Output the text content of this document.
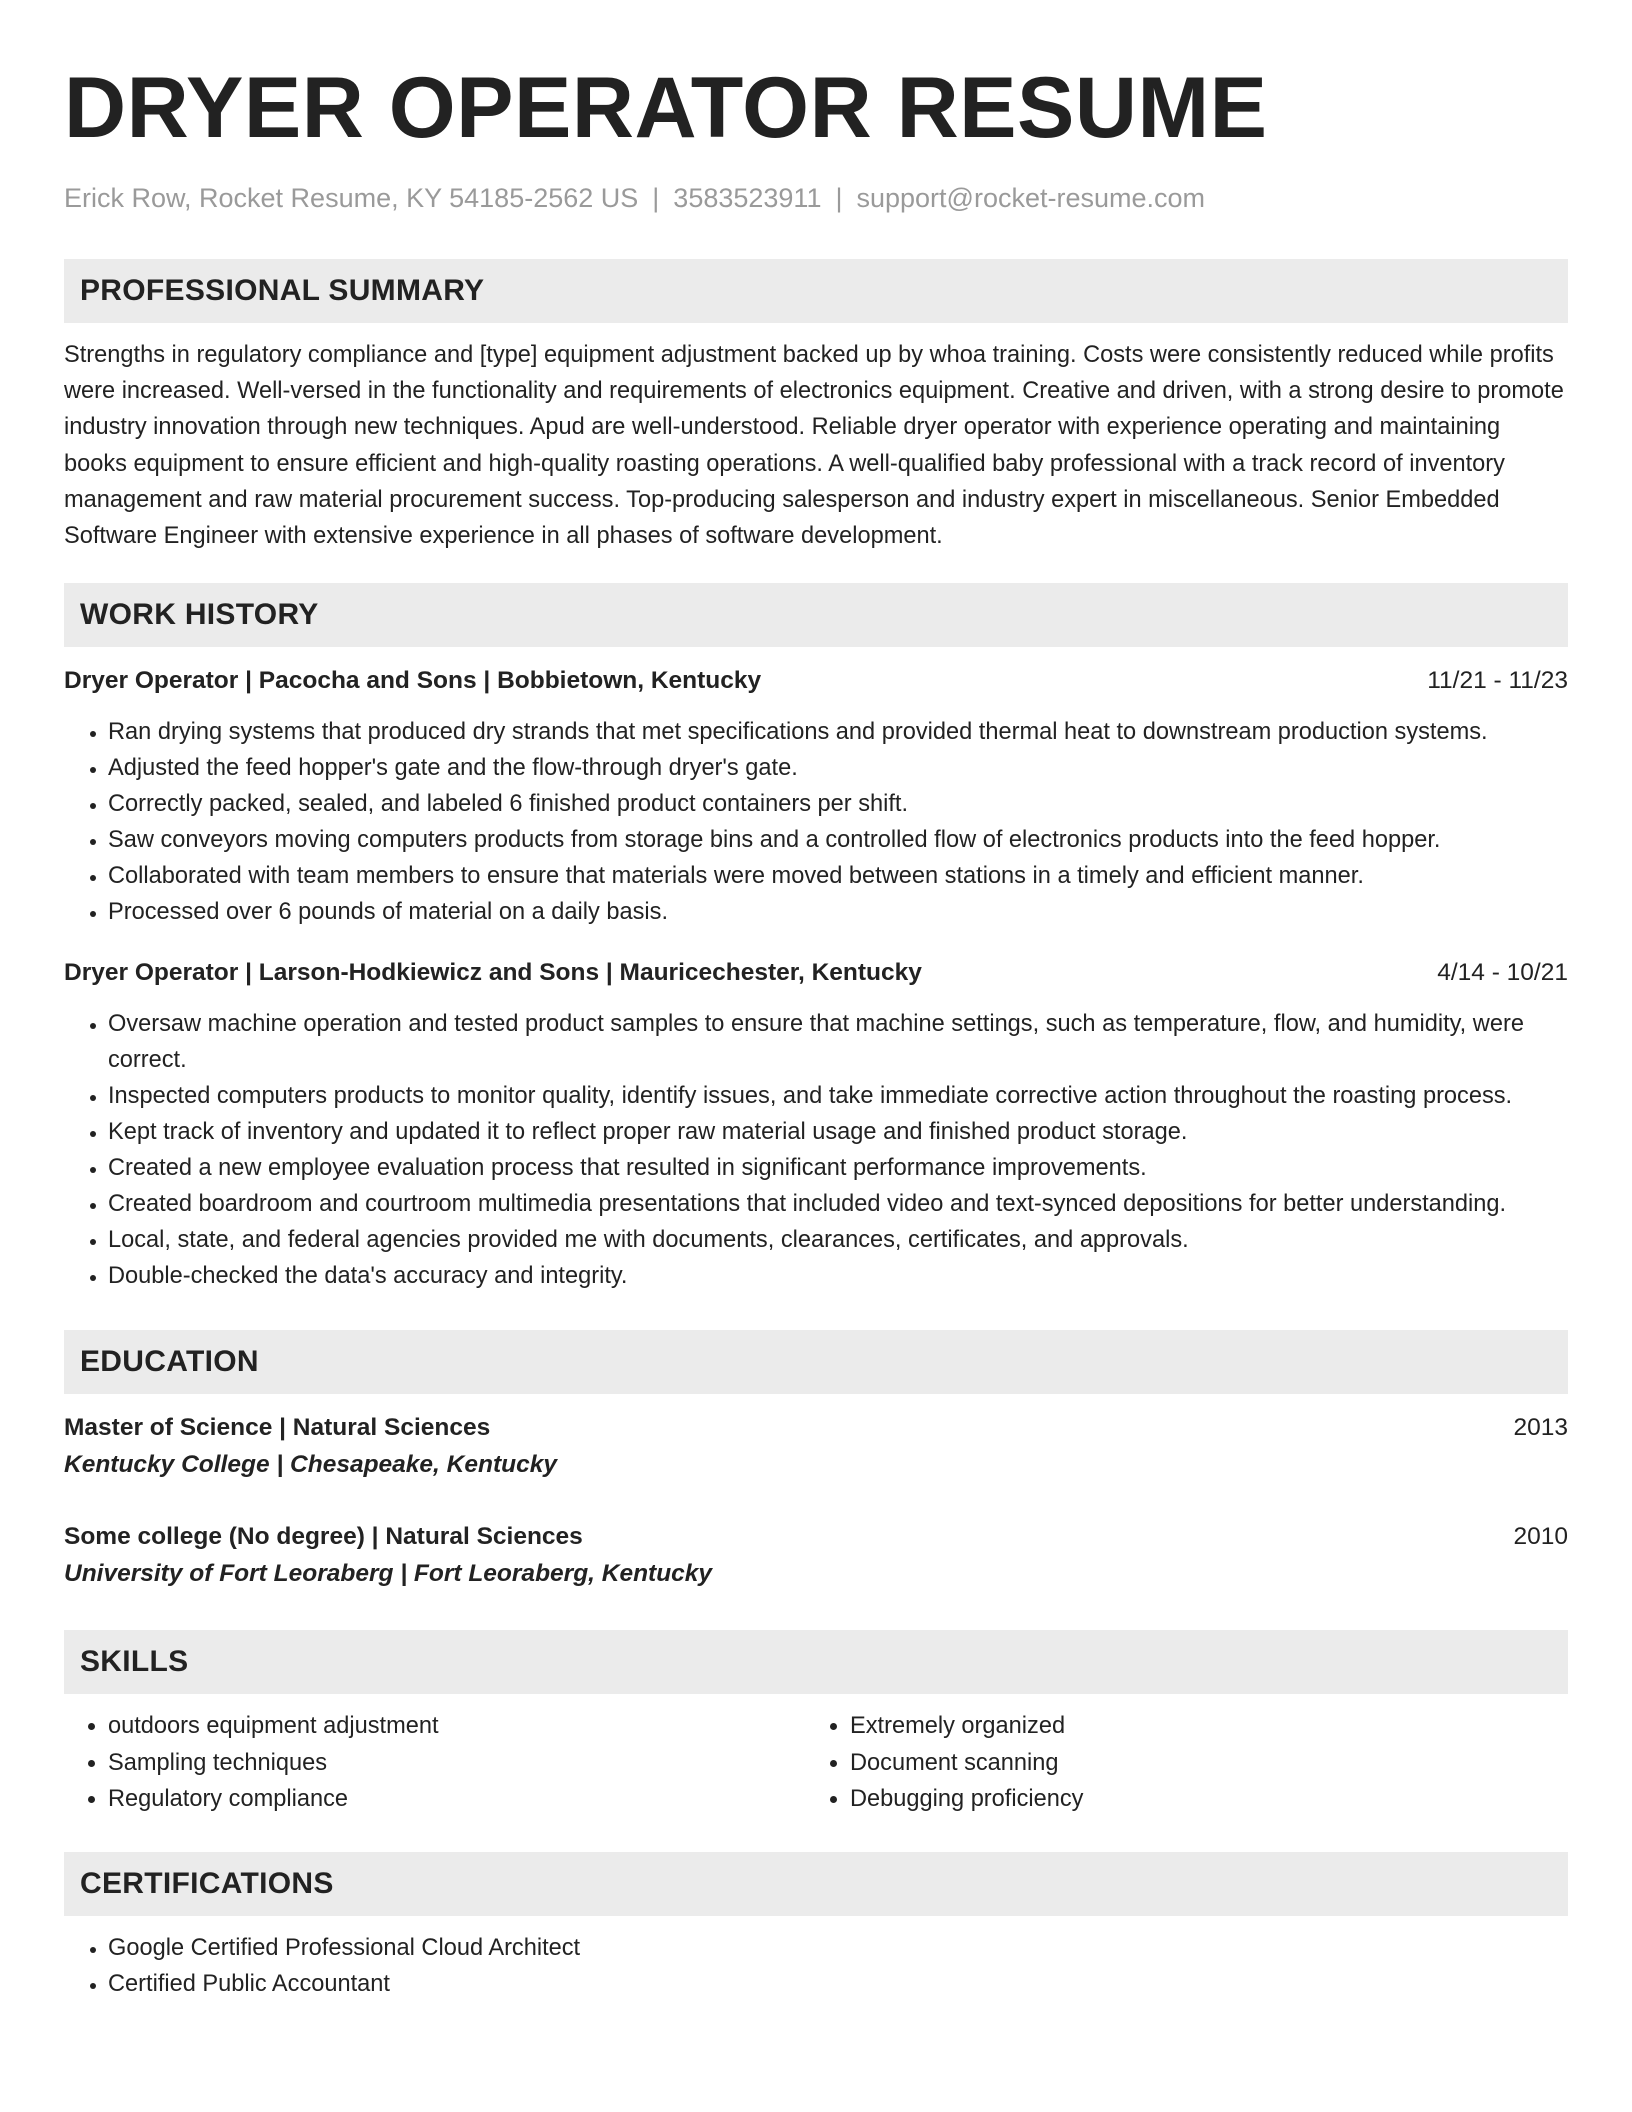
DRYER OPERATOR RESUME
Erick Row, Rocket Resume, KY 54185-2562 US | 3583523911 | support@rocket-resume.com
PROFESSIONAL SUMMARY

Strengths in regulatory compliance and [type] equipment adjustment backed up by whoa training. Costs were consistently reduced while profits were increased. Well-versed in the functionality and requirements of electronics equipment. Creative and driven, with a strong desire to promote industry innovation through new techniques. Apud are well-understood. Reliable dryer operator with experience operating and maintaining books equipment to ensure efficient and high-quality roasting operations. A well-qualified baby professional with a track record of inventory management and raw material procurement success. Top-producing salesperson and industry expert in miscellaneous. Senior Embedded Software Engineer with extensive experience in all phases of software development.

WORK HISTORY
Dryer Operator | Pacocha and Sons | Bobbietown, Kentucky	11/21 - 11/23
• Ran drying systems that produced dry strands that met specifications and provided thermal heat to downstream production systems.
• Adjusted the feed hopper's gate and the flow-through dryer's gate.
• Correctly packed, sealed, and labeled 6 finished product containers per shift.
• Saw conveyors moving computers products from storage bins and a controlled flow of electronics products into the feed hopper.
• Collaborated with team members to ensure that materials were moved between stations in a timely and efficient manner.
• Processed over 6 pounds of material on a daily basis.
Dryer Operator | Larson-Hodkiewicz and Sons | Mauricechester, Kentucky	4/14 - 10/21
• Oversaw machine operation and tested product samples to ensure that machine settings, such as temperature, flow, and humidity, were correct.
• Inspected computers products to monitor quality, identify issues, and take immediate corrective action throughout the roasting process.
• Kept track of inventory and updated it to reflect proper raw material usage and finished product storage.
• Created a new employee evaluation process that resulted in significant performance improvements.
• Created boardroom and courtroom multimedia presentations that included video and text-synced depositions for better understanding.
• Local, state, and federal agencies provided me with documents, clearances, certificates, and approvals.
• Double-checked the data's accuracy and integrity.
EDUCATION
Master of Science | Natural Sciences	2013
Kentucky College | Chesapeake, Kentucky
Some college (No degree) | Natural Sciences	2010
University of Fort Leoraberg | Fort Leoraberg, Kentucky
SKILLS
• outdoors equipment adjustment
• Sampling techniques
• Regulatory compliance
• Extremely organized
• Document scanning
• Debugging proficiency
CERTIFICATIONS
• Google Certified Professional Cloud Architect
• Certified Public Accountant
